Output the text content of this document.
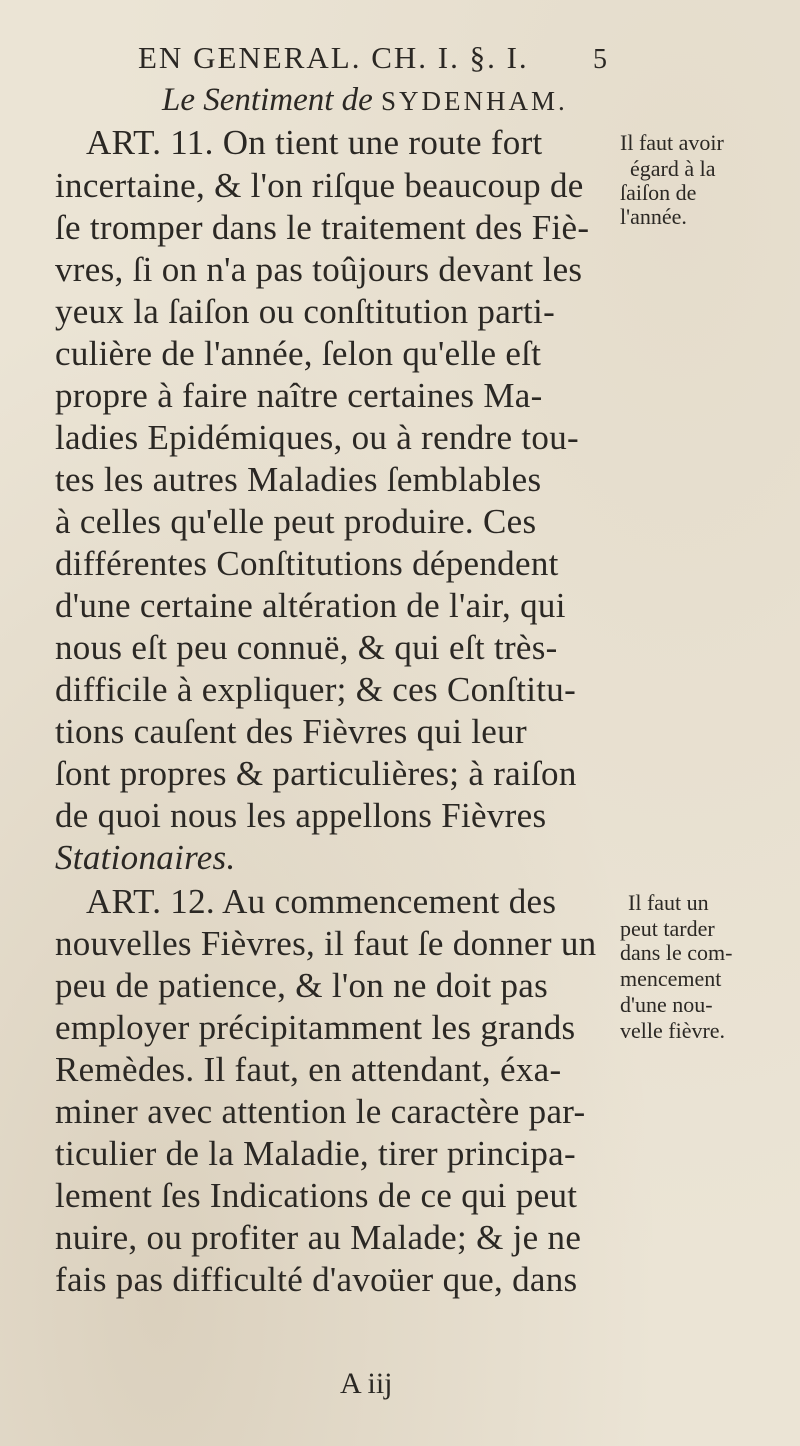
EN GENERAL. CH. I. §. I. 5
Le Sentiment de SYDENHAM.
ART. 11. On tient une route fort
incertaine, & l'on riſque beaucoup de
ſe tromper dans le traitement des Fiè-
vres, ſi on n'a pas toûjours devant les
yeux la ſaiſon ou conſtitution parti-
culière de l'année, ſelon qu'elle eſt
propre à faire naître certaines Ma-
ladies Epidémiques, ou à rendre tou-
tes les autres Maladies ſemblables
à celles qu'elle peut produire. Ces
différentes Conſtitutions dépendent
d'une certaine altération de l'air, qui
nous eſt peu connuë, & qui eſt très-
difficile à expliquer; & ces Conſtitu-
tions cauſent des Fièvres qui leur
ſont propres & particulières; à raiſon
de quoi nous les appellons Fièvres
Stationaires.
ART. 12. Au commencement des
nouvelles Fièvres, il faut ſe donner un
peu de patience, & l'on ne doit pas
employer précipitamment les grands
Remèdes. Il faut, en attendant, éxa-
miner avec attention le caractère par-
ticulier de la Maladie, tirer principa-
lement ſes Indications de ce qui peut
nuire, ou profiter au Malade; & je ne
fais pas difficulté d'avoüer que, dans
Il faut avoir
égard à la
ſaiſon de
l'année.
Il faut un
peut tarder
dans le com-
mencement
d'une nou-
velle fièvre.
A iij
